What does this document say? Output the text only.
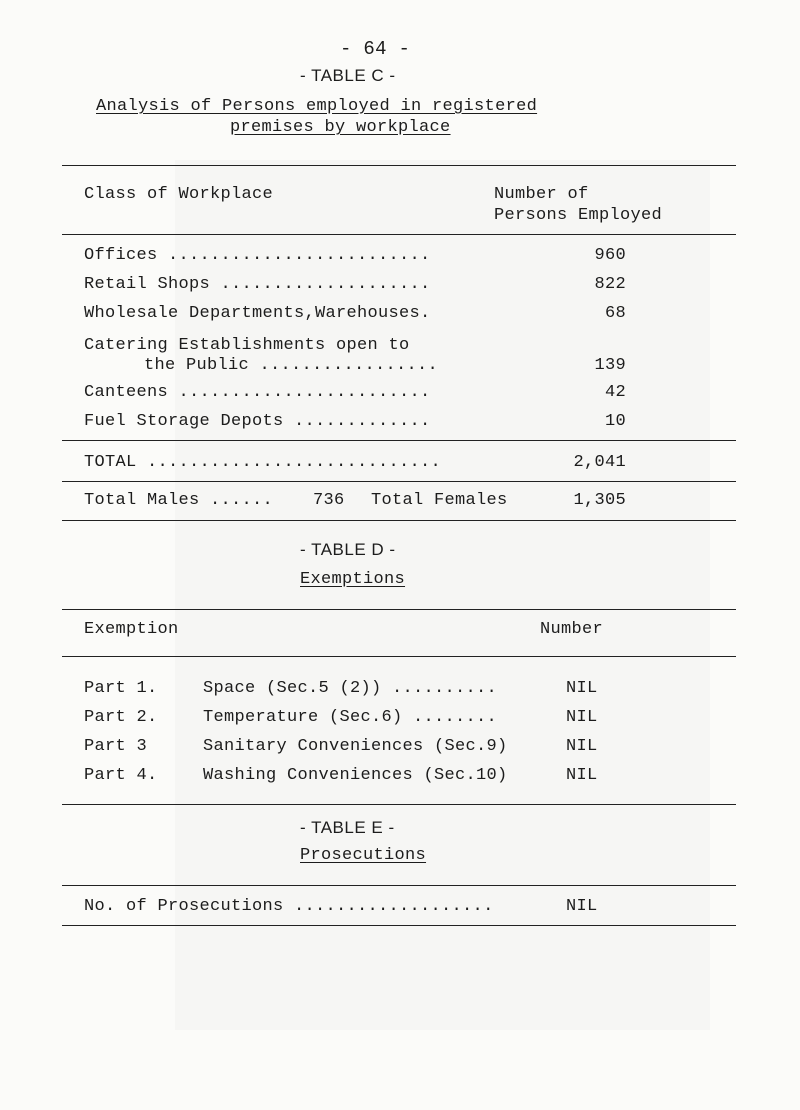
- 64 -
- TABLE C -
Analysis of Persons employed in registered
premises by workplace
Class of Workplace	Number of
Persons Employed
Offices .........................	960
Retail Shops ....................	822
Wholesale Departments,Warehouses.	68
Catering Establishments open to
the Public .................	139
Canteens ........................	42
Fuel Storage Depots .............	10
TOTAL ............................	2,041
Total Males ...... 736 Total Females	1,305
- TABLE D -
Exemptions
Exemption	Number
Part 1.	Space (Sec.5 (2)) ..........	NIL
Part 2.	Temperature (Sec.6) ........	NIL
Part 3	Sanitary Conveniences (Sec.9)	NIL
Part 4.	Washing Conveniences (Sec.10)	NIL
- TABLE E -
Prosecutions
No. of Prosecutions ...................	NIL
